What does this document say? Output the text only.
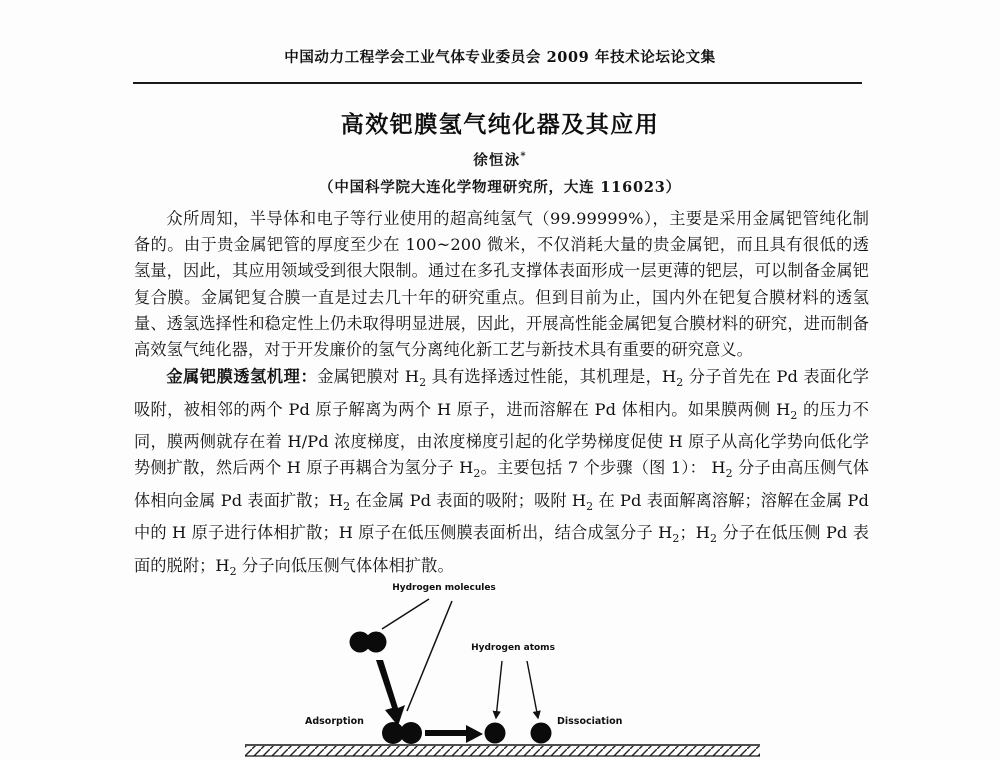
中国动力工程学会工业气体专业委员会 2009 年技术论坛论文集
高效钯膜氢气纯化器及其应用
徐恒泳*
（中国科学院大连化学物理研究所，大连 116023）

众所周知，半导体和电子等行业使用的超高纯氢气（99.99999%），主要是采用金属钯管纯化制备的。由于贵金属钯管的厚度至少在 100~200 微米，不仅消耗大量的贵金属钯，而且具有很低的透氢量，因此，其应用领域受到很大限制。通过在多孔支撑体表面形成一层更薄的钯层，可以制备金属钯复合膜。金属钯复合膜一直是过去几十年的研究重点。但到目前为止，国内外在钯复合膜材料的透氢量、透氢选择性和稳定性上仍未取得明显进展，因此，开展高性能金属钯复合膜材料的研究，进而制备高效氢气纯化器，对于开发廉价的氢气分离纯化新工艺与新技术具有重要的研究意义。

金属钯膜透氢机理：金属钯膜对 $H_2$ 具有选择透过性能，其机理是，$H_2$ 分子首先在 Pd 表面化学吸附，被相邻的两个 Pd 原子解离为两个 H 原子，进而溶解在 Pd 体相内。如果膜两侧 $H_2$ 的压力不同，膜两侧就存在着 H/Pd 浓度梯度，由浓度梯度引起的化学势梯度促使 H 原子从高化学势向低化学势侧扩散，然后两个 H 原子再耦合为氢分子 $H_2$。主要包括 7 个步骤（图 1）： $H_2$ 分子由高压侧气体体相向金属 Pd 表面扩散；$H_2$ 在金属 Pd 表面的吸附；吸附 $H_2$ 在 Pd 表面解离溶解；溶解在金属 Pd 中的 H 原子进行体相扩散；H 原子在低压侧膜表面析出，结合成氢分子 $H_2$；$H_2$ 分子在低压侧 Pd 表面的脱附；$H_2$ 分子向低压侧气体体相扩散。

Hydrogen molecules
Hydrogen atoms
Adsorption	Dissociation
